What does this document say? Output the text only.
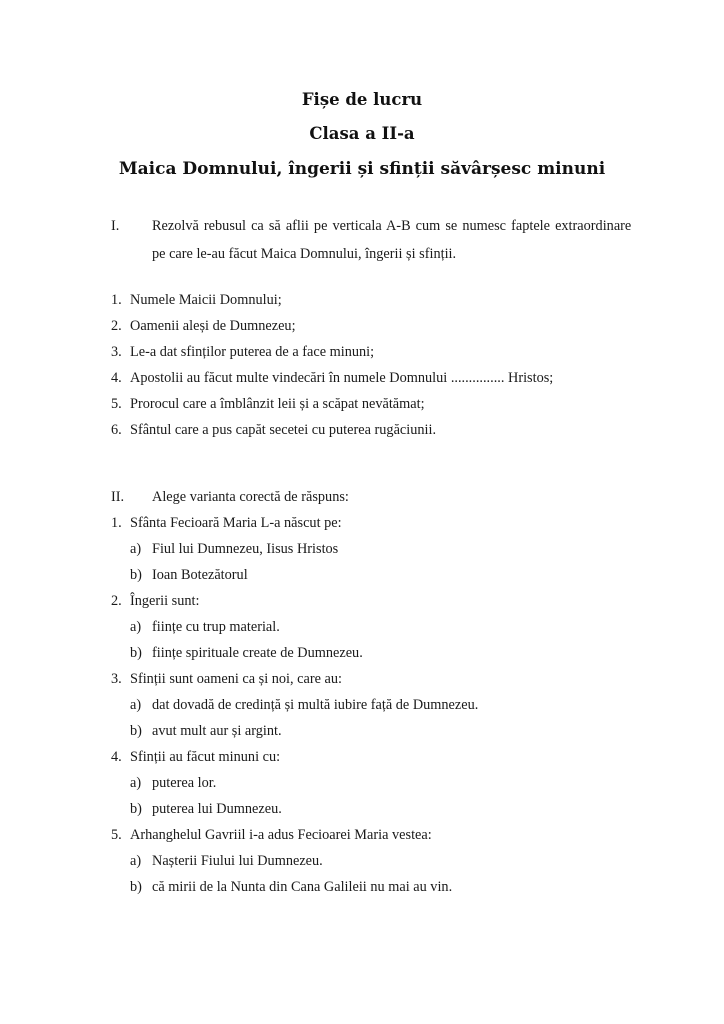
Fișe de lucru
Clasa a II-a
Maica Domnului, îngerii și sfinții săvârșesc minuni
I. Rezolvă rebusul ca să aflii pe verticala A-B cum se numesc faptele extraordinare
pe care le-au făcut Maica Domnului, îngerii și sfinții.
1. Numele Maicii Domnului;
2. Oamenii aleși de Dumnezeu;
3. Le-a dat sfinților puterea de a face minuni;
4. Apostolii au făcut multe vindecări în numele Domnului ............... Hristos;
5. Prorocul care a îmblânzit leii și a scăpat nevătămat;
6. Sfântul care a pus capăt secetei cu puterea rugăciunii.
II. Alege varianta corectă de răspuns:
1. Sfânta Fecioară Maria L-a născut pe:
a) Fiul lui Dumnezeu, Iisus Hristos
b) Ioan Botezătorul
2. Îngerii sunt:
a) ființe cu trup material.
b) ființe spirituale create de Dumnezeu.
3. Sfinții sunt oameni ca și noi, care au:
a) dat dovadă de credință și multă iubire față de Dumnezeu.
b) avut mult aur și argint.
4. Sfinții au făcut minuni cu:
a) puterea lor.
b) puterea lui Dumnezeu.
5. Arhanghelul Gavriil i-a adus Fecioarei Maria vestea:
a) Nașterii Fiului lui Dumnezeu.
b) că mirii de la Nunta din Cana Galileii nu mai au vin.
